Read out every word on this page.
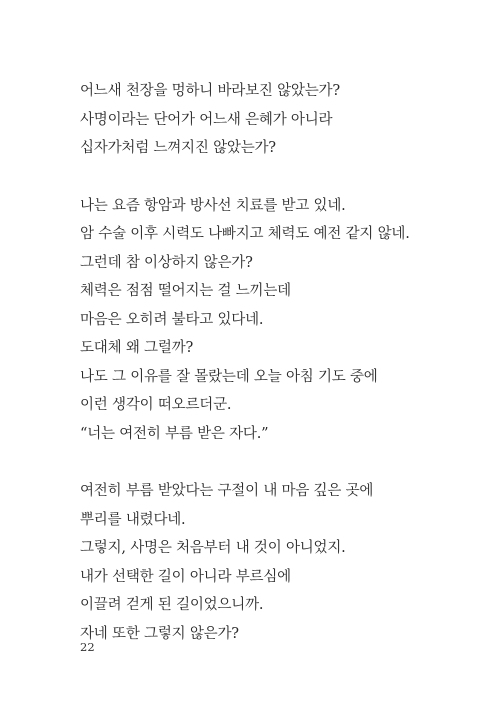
어느새 천장을 멍하니 바라보진 않았는가?
사명이라는 단어가 어느새 은혜가 아니라
십자가처럼 느껴지진 않았는가?
나는 요즘 항암과 방사선 치료를 받고 있네.
암 수술 이후 시력도 나빠지고 체력도 예전 같지 않네.
그런데 참 이상하지 않은가?
체력은 점점 떨어지는 걸 느끼는데
마음은 오히려 불타고 있다네.
도대체 왜 그럴까?
나도 그 이유를 잘 몰랐는데 오늘 아침 기도 중에
이런 생각이 떠오르더군.
“너는 여전히 부름 받은 자다.”
여전히 부름 받았다는 구절이 내 마음 깊은 곳에
뿌리를 내렸다네.
그렇지, 사명은 처음부터 내 것이 아니었지.
내가 선택한 길이 아니라 부르심에
이끌려 걷게 된 길이었으니까.
자네 또한 그렇지 않은가?
22
